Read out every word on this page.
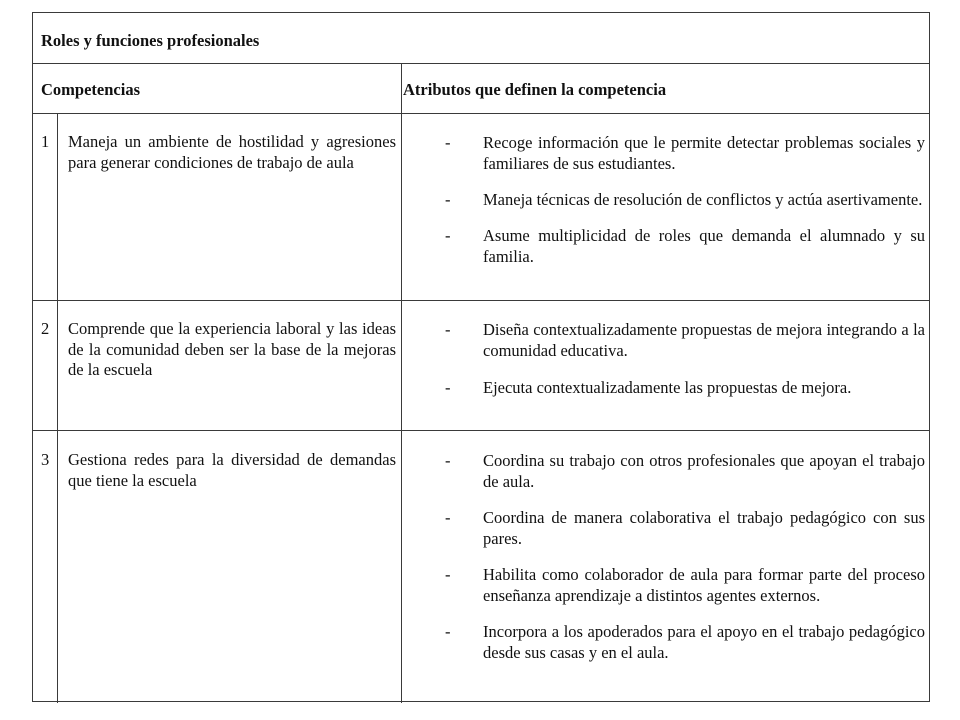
Roles y funciones profesionales
Competencias	Atributos que definen la competencia
1 Maneja un ambiente de hostilidad y agresiones para generar condiciones de trabajo de aula
- Recoge información que le permite detectar problemas sociales y familiares de sus estudiantes.
- Maneja técnicas de resolución de conflictos y actúa asertivamente.
- Asume multiplicidad de roles que demanda el alumnado y su familia.
2 Comprende que la experiencia laboral y las ideas de la comunidad deben ser la base de la mejoras de la escuela
- Diseña contextualizadamente propuestas de mejora integrando a la comunidad educativa.
- Ejecuta contextualizadamente las propuestas de mejora.
3 Gestiona redes para la diversidad de demandas que tiene la escuela
- Coordina su trabajo con otros profesionales que apoyan el trabajo de aula.
- Coordina de manera colaborativa el trabajo pedagógico con sus pares.
- Habilita como colaborador de aula para formar parte del proceso enseñanza aprendizaje a distintos agentes externos.
- Incorpora a los apoderados para el apoyo en el trabajo pedagógico desde sus casas y en el aula.
